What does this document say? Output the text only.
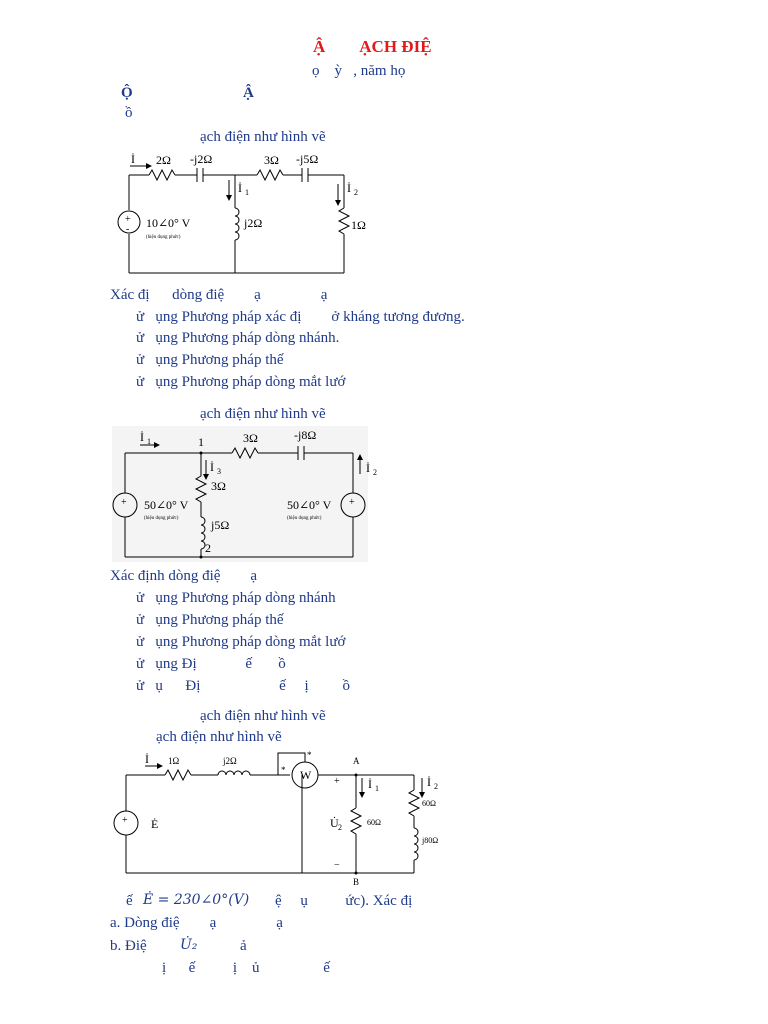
Ậ        ẠCH ĐIỆ
ọ    ỳ   , năm họ
Ộ	Ậ
ồ
ạch điện như hình vẽ
+
-
İ 2Ω -j2Ω	3Ω -j5Ω
İ 1	İ 2
10∠0° V
(hiệu dụng phức)
j2Ω	1Ω
Xác đị      dòng điệ        ạ                ạ
ử   ụng Phương pháp xác đị        ở kháng tương đương.
ử   ụng Phương pháp dòng nhánh.
ử   ụng Phương pháp thế
ử   ụng Phương pháp dòng mắt lướ
ạch điện như hình vẽ
+	+
İ 1	1	3Ω	-j8Ω
İ 3
3Ω
İ 2
50∠0° V
(hiệu dụng phức)
50∠0° V
(hiệu dụng phức)
j5Ω
2
Xác định dòng điệ        ạ
ử   ụng Phương pháp dòng nhánh
ử   ụng Phương pháp thế
ử   ụng Phương pháp dòng mắt lướ
ử   ụng Đị             ế       ồ
ử   ụ      Đị                     ế     ị         ồ
ạch điện như hình vẽ
ạch điện như hình vẽ
+
İ 1Ω	j2Ω
*
*
W
A
B
+
−
İ 1	İ 2
Ė	U̇ 2
60Ω
60Ω
j80Ω
ế Ė = 230∠0°(V) ệ     ụ          ức). Xác đị
a. Dòng điệ        ạ                ạ
b. Điệ U̇₂	ả
ị      ế          ị    ủ                 ế
